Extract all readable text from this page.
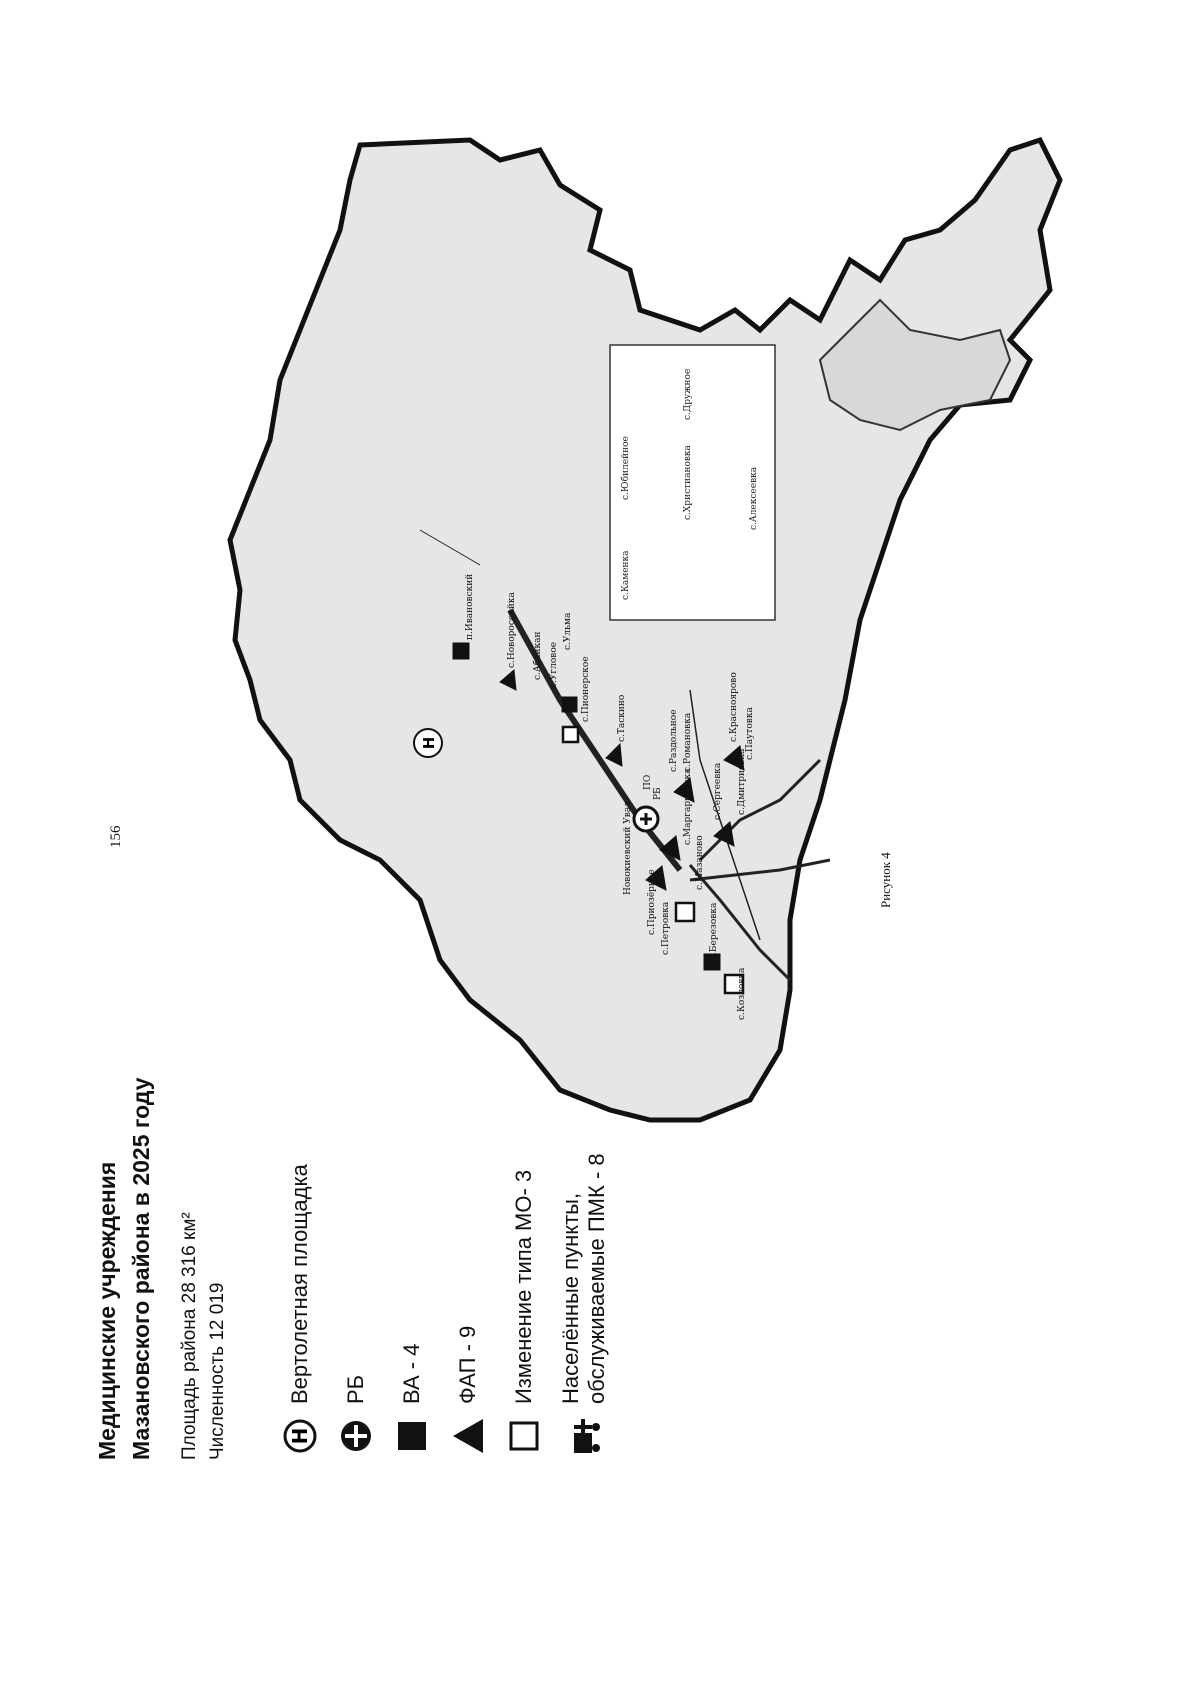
H
п.Ивановский	с.Новороссийка с.Абайкан с.Угловое
с.Ульма
с.Пионерское	с.Таскино	с.Раздольное с.Романовка
с.Красноярово с.Паутовка
с.Дмитриевка
с.Сергеевка
РБ
ПО
Новокиевский Увал	с.Мазаново
с.Петровка
с.Приозёрное	с.Березовка
с.Козловка
с.Маргаритовка
с.Каменка
с.Юбилейное	с.Христиановка
с.Дружное
с.Алексеевка
156
Рисунок 4
Медицинские учреждения Мазановского района в 2025 году Площадь района 28 316 км² Численность 12 019	H
Вертолетная площадка РБ ВА - 4 ФАП - 9 Изменение типа МО- 3 Населённые пункты, обслуживаемые ПМК - 8
